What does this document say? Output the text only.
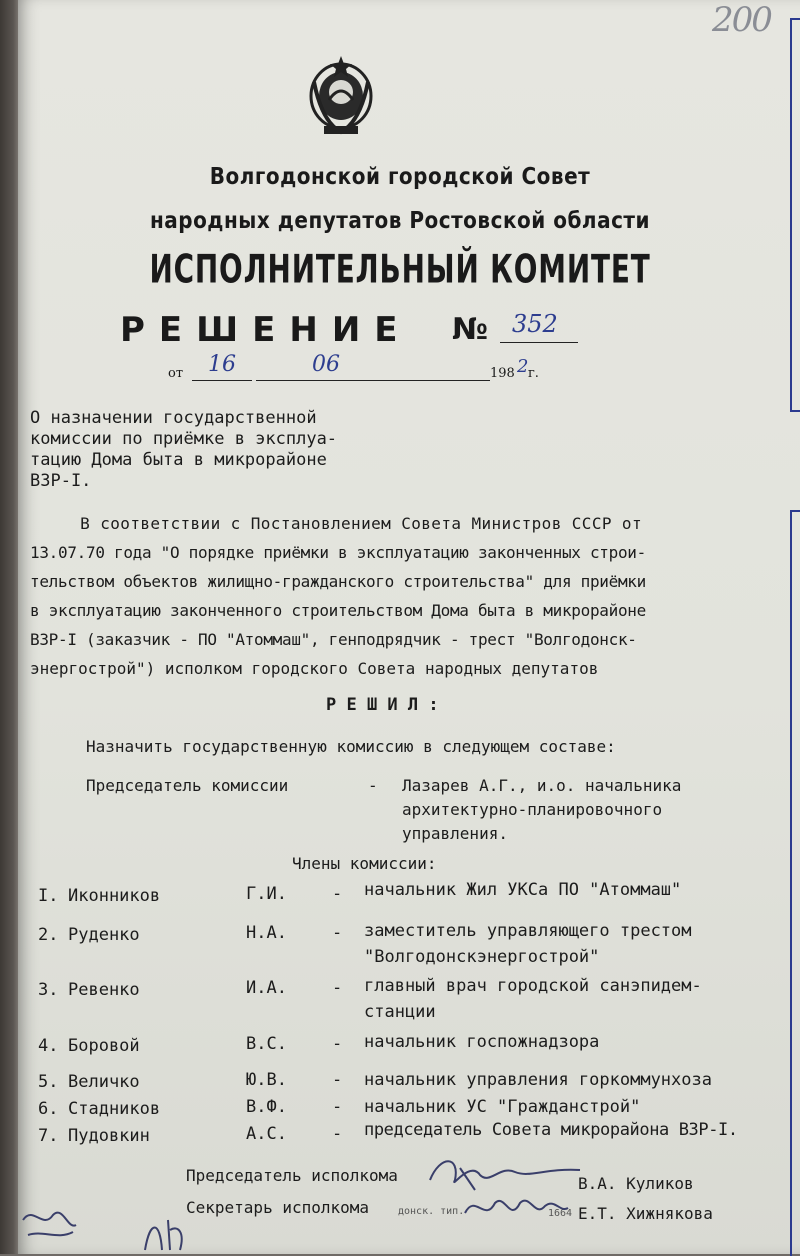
200
Волгодонской городской Совет
народных депутатов Ростовской области
ИСПОЛНИТЕЛЬНЫЙ КОМИТЕТ
РЕШЕНИЕ № 352
от 16	06	198 2 г.
О назначении государственной
комиссии по приёмке в эксплуа-
тацию Дома быта в микрорайоне
ВЗР-I.
В соответствии с Постановлением Совета Министров СССР от
13.07.70 года "О порядке приёмки в эксплуатацию законченных строи-
тельством объектов жилищно-гражданского строительства" для приёмки
в эксплуатацию законченного строительством Дома быта в микрорайоне
ВЗР-I (заказчик - ПО "Атоммаш", генподрядчик - трест "Волгодонск-
энергострой") исполком городского Совета народных депутатов
Р Е Ш И Л :
Назначить государственную комиссию в следующем составе:
Председатель комиссии	- Лазарев А.Г., и.о. начальника
архитектурно-планировочного
управления.
Члены комиссии:
I. Иконников	Г.И.	- начальник Жил УКСа ПО "Атоммаш"
2. Руденко	Н.А.	- заместитель управляющего трестом
"Волгодонскэнергострой"
3. Ревенко	И.А.	- главный врач городской санэпидем-
станции
4. Боровой	В.С.	- начальник госпожнадзора
5. Величко	Ю.В.	- начальник управления горкоммунхоза
6. Стадников	В.Ф.	- начальник УС "Гражданстрой"
7. Пудовкин	А.С.	- председатель Совета микрорайона ВЗР-I.
Председатель исполкома	В.А. Куликов
Секретарь исполкома	Е.Т. Хижнякова
донск. тип.	1664
